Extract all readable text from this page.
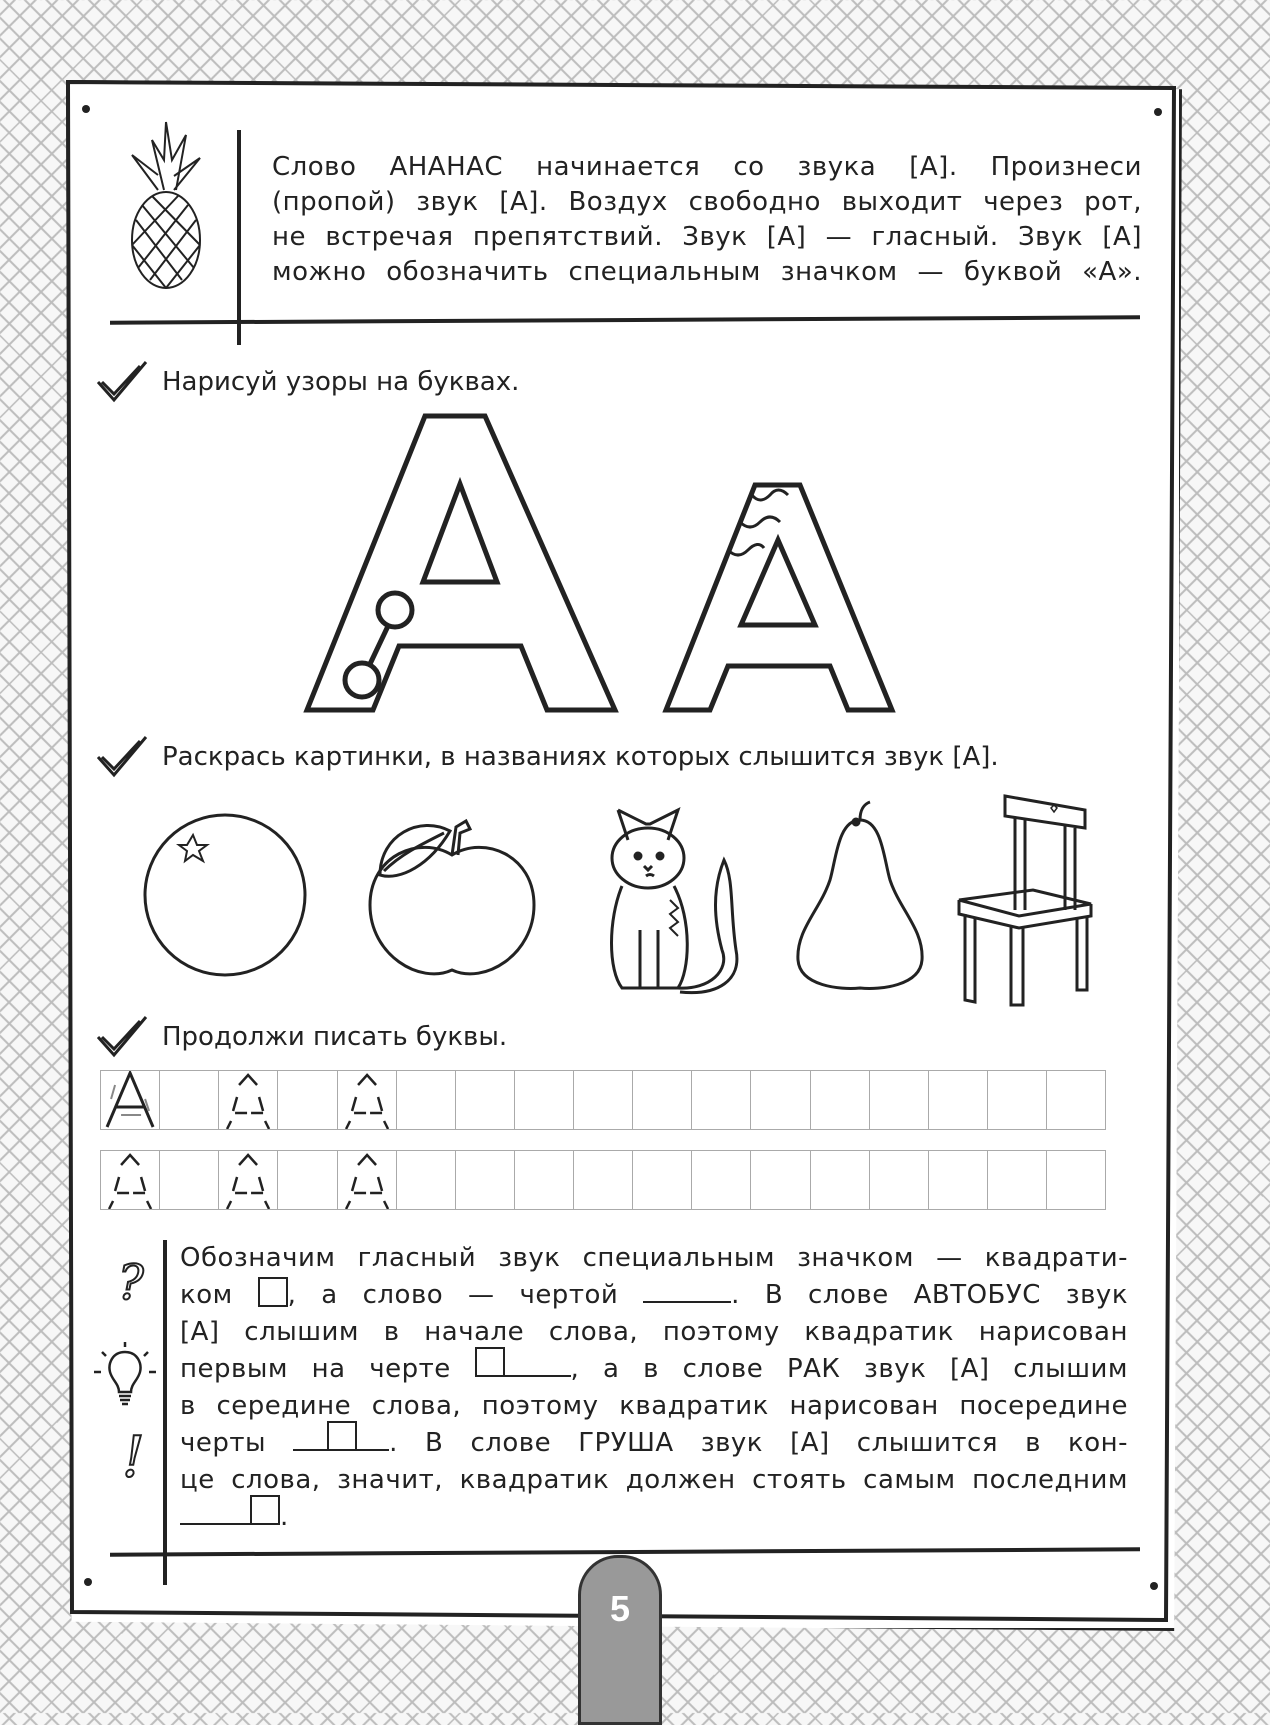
Слово АНАНАС начинается со звука [А]. Произнеси
(пропой) звук [А]. Воздух свободно выходит через рот,
не встречая препятствий. Звук [А] — гласный. Звук [А]
можно обозначить специальным значком — буквой «А».
Нарисуй узоры на буквах.
Раскрась картинки, в названиях которых слышится звук [А].
Продолжи писать буквы.
?
!
Обозначим гласный звук специальным значком — квадрати-
ком , а слово — чертой	. В слове АВТОБУС звук
[А] слышим в начале слова, поэтому квадратик нарисован
первым на черте	, а в слове РАК звук [А] слышим
в середине слова, поэтому квадратик нарисован посередине
черты	. В слове ГРУША звук [А] слышится в кон-
це слова, значит, квадратик должен стоять самым последним
.
5
